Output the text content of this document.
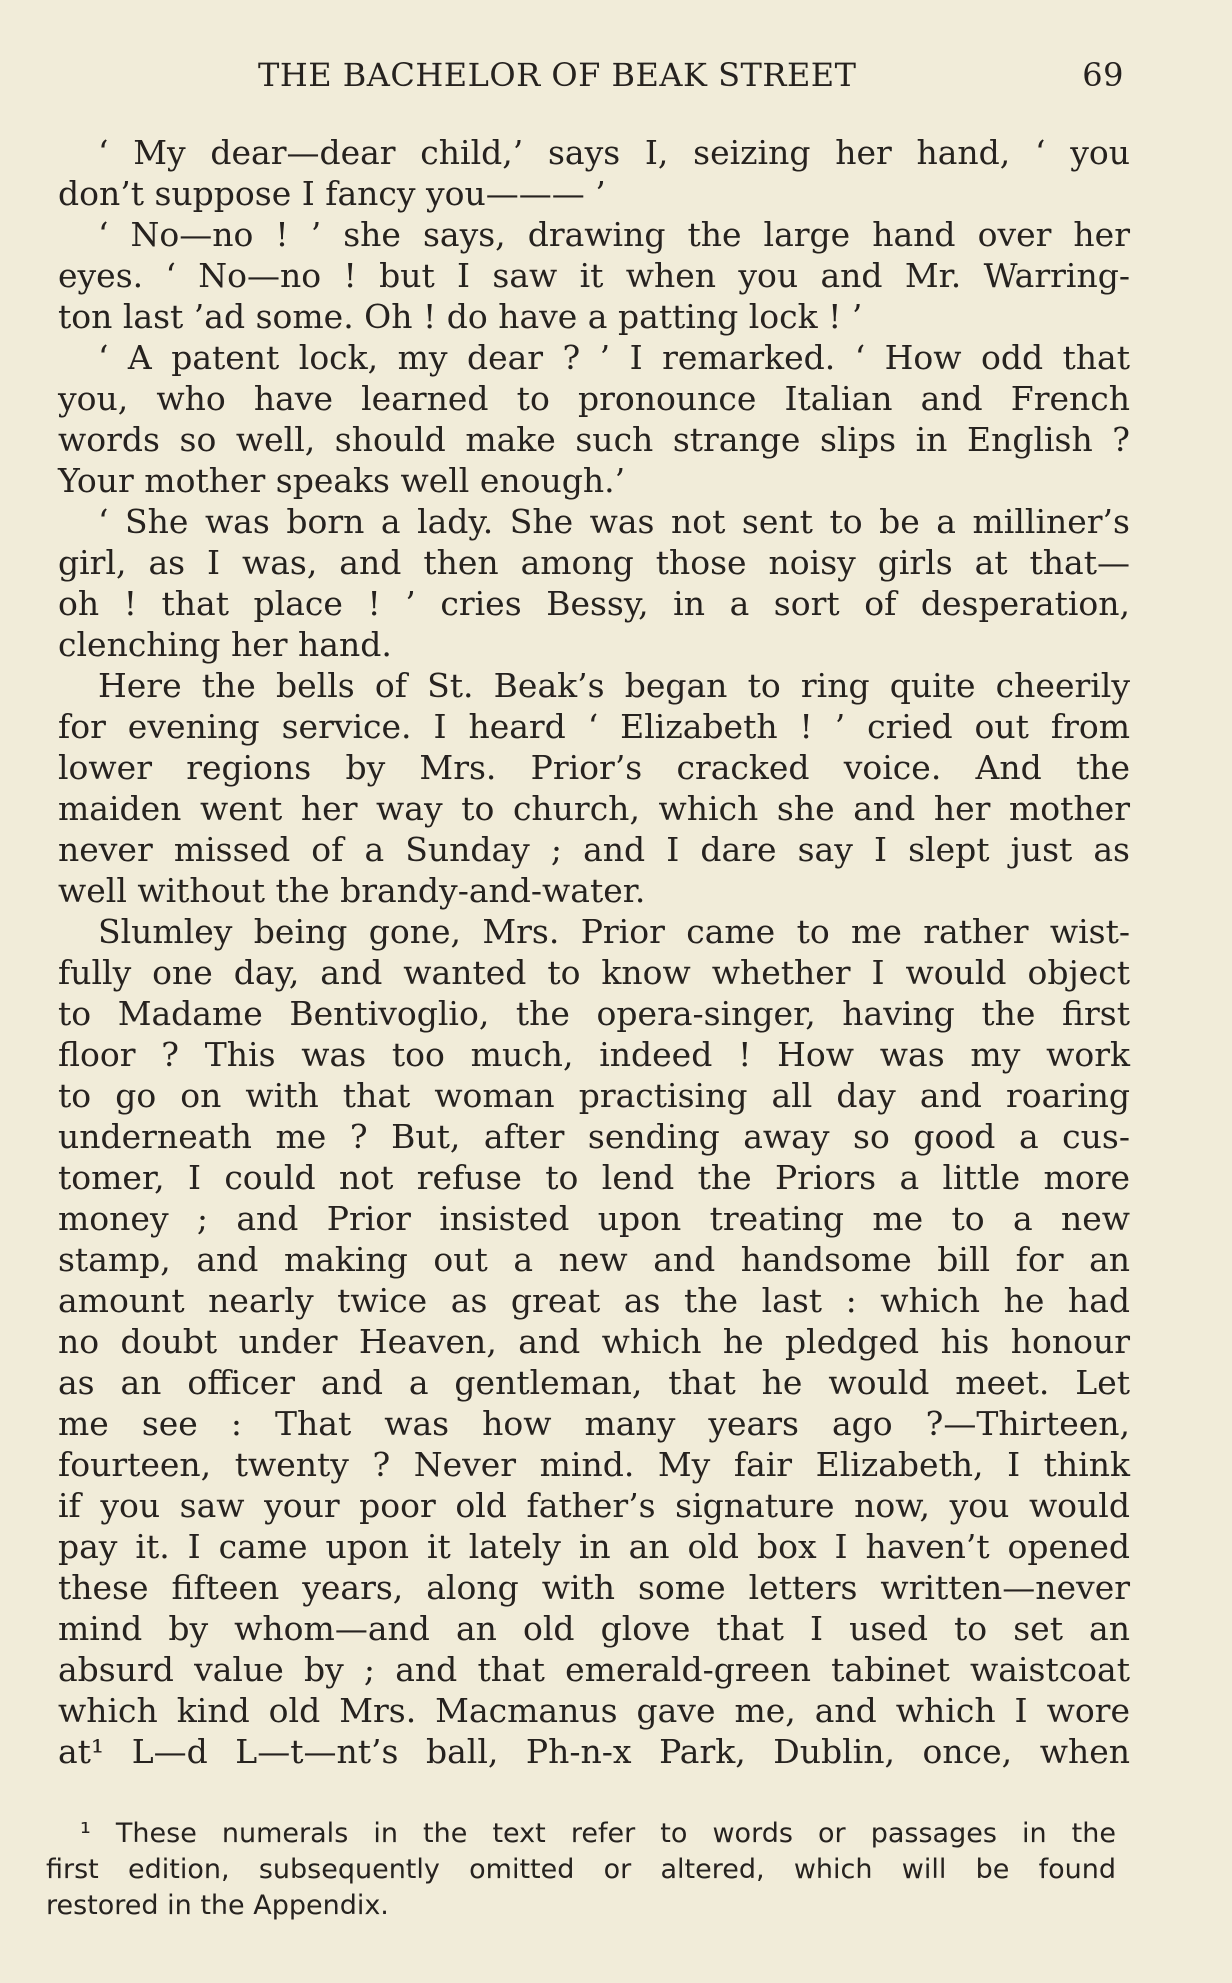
THE BACHELOR OF BEAK STREET	69
‘ My dear—dear child,’ says I, seizing her hand, ‘ you
don’t suppose I fancy you——— ’
‘ No—no ! ’ she says, drawing the large hand over her
eyes. ‘ No—no ! but I saw it when you and Mr. Warring-
ton last ’ad some. Oh ! do have a patting lock ! ’
‘ A patent lock, my dear ? ’ I remarked. ‘ How odd that
you, who have learned to pronounce Italian and French
words so well, should make such strange slips in English ?
Your mother speaks well enough.’
‘ She was born a lady. She was not sent to be a milliner’s
girl, as I was, and then among those noisy girls at that—
oh ! that place ! ’ cries Bessy, in a sort of desperation,
clenching her hand.
Here the bells of St. Beak’s began to ring quite cheerily
for evening service. I heard ‘ Elizabeth ! ’ cried out from
lower regions by Mrs. Prior’s cracked voice. And the
maiden went her way to church, which she and her mother
never missed of a Sunday ; and I dare say I slept just as
well without the brandy-and-water.
Slumley being gone, Mrs. Prior came to me rather wist-
fully one day, and wanted to know whether I would object
to Madame Bentivoglio, the opera-singer, having the first
floor ? This was too much, indeed ! How was my work
to go on with that woman practising all day and roaring
underneath me ? But, after sending away so good a cus-
tomer, I could not refuse to lend the Priors a little more
money ; and Prior insisted upon treating me to a new
stamp, and making out a new and handsome bill for an
amount nearly twice as great as the last : which he had
no doubt under Heaven, and which he pledged his honour
as an officer and a gentleman, that he would meet. Let
me see : That was how many years ago ?—Thirteen,
fourteen, twenty ? Never mind. My fair Elizabeth, I think
if you saw your poor old father’s signature now, you would
pay it. I came upon it lately in an old box I haven’t opened
these fifteen years, along with some letters written—never
mind by whom—and an old glove that I used to set an
absurd value by ; and that emerald-green tabinet waistcoat
which kind old Mrs. Macmanus gave me, and which I wore
at¹ L—d L—t—nt’s ball, Ph-n-x Park, Dublin, once, when
¹ These numerals in the text refer to words or passages in the
first edition, subsequently omitted or altered, which will be found
restored in the Appendix.
